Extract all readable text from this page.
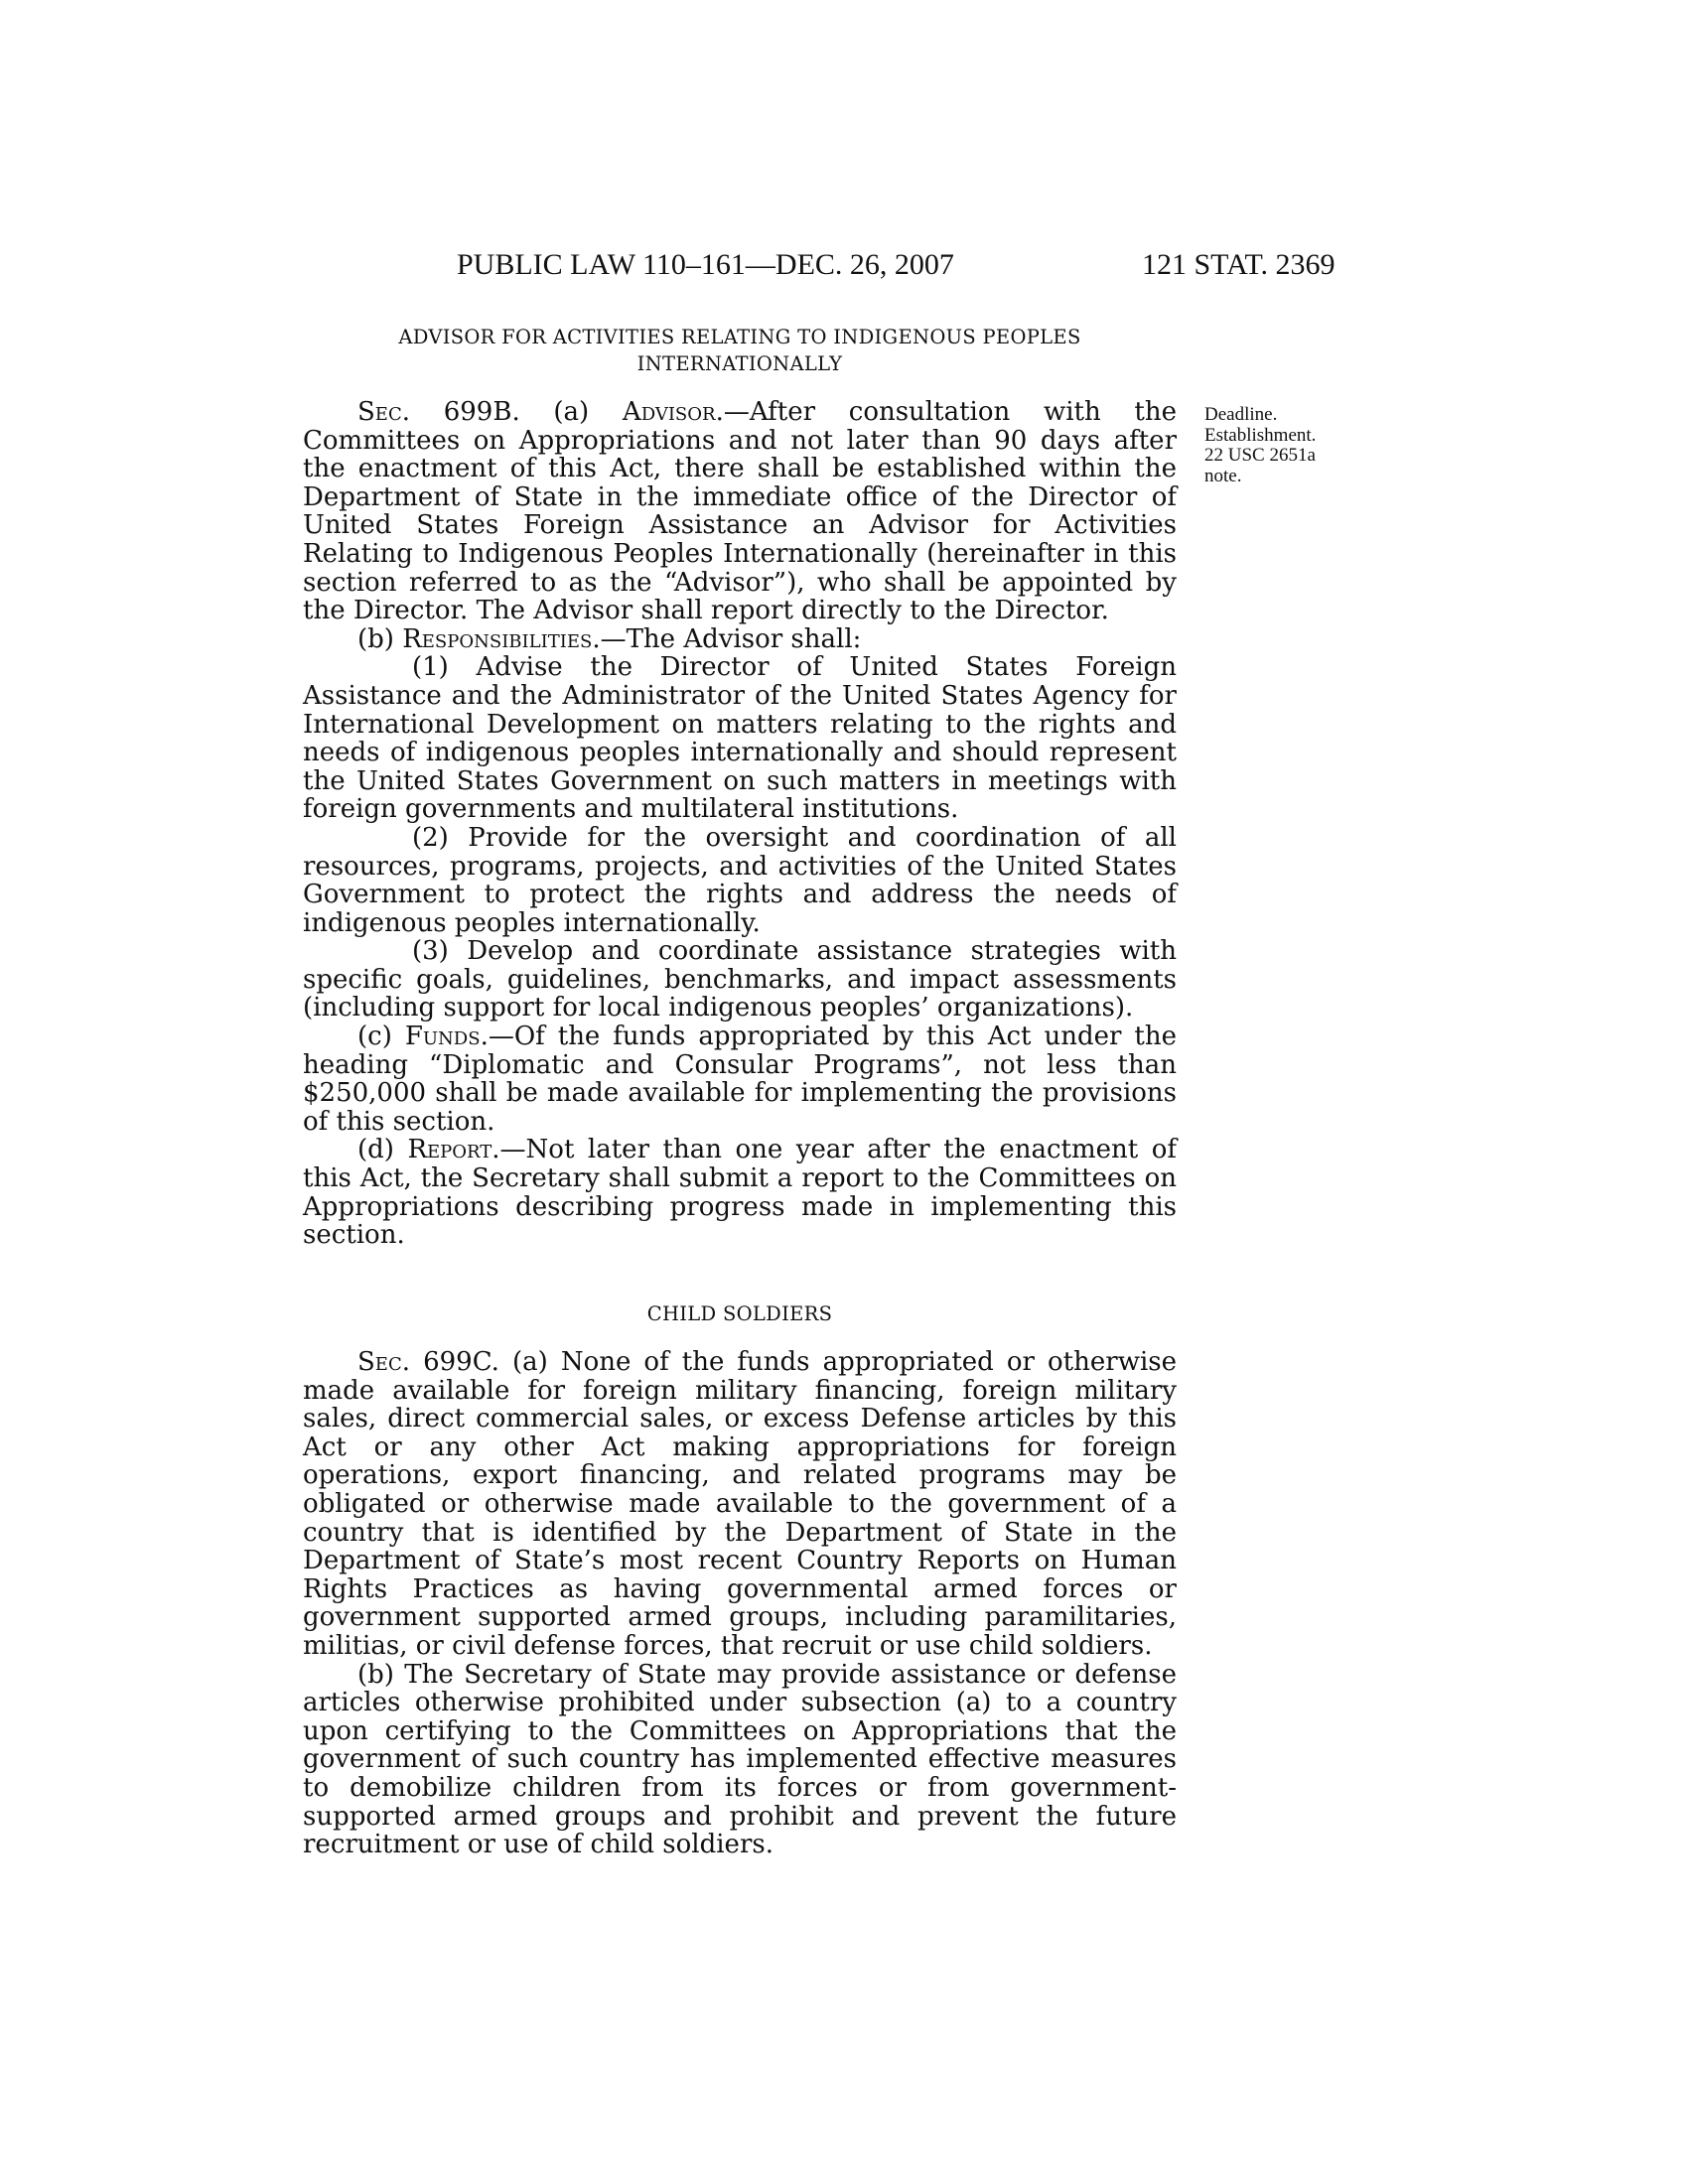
PUBLIC LAW 110–161—DEC. 26, 2007	121 STAT. 2369
ADVISOR FOR ACTIVITIES RELATING TO INDIGENOUS PEOPLES
INTERNATIONALLY
Deadline.
Establishment.
22 USC 2651a
note.

Sec. 699B. (a) Advisor.—After consultation with the Committees on Appropriations and not later than 90 days after the enactment of this Act, there shall be established within the Department of State in the immediate office of the Director of United States Foreign Assistance an Advisor for Activities Relating to Indigenous Peoples Internationally (hereinafter in this section referred to as the “Advisor”), who shall be appointed by the Director. The Advisor shall report directly to the Director.

(b) Responsibilities.—The Advisor shall:

(1) Advise the Director of United States Foreign Assistance and the Administrator of the United States Agency for International Development on matters relating to the rights and needs of indigenous peoples internationally and should represent the United States Government on such matters in meetings with foreign governments and multilateral institutions.

(2) Provide for the oversight and coordination of all resources, programs, projects, and activities of the United States Government to protect the rights and address the needs of indigenous peoples internationally.

(3) Develop and coordinate assistance strategies with specific goals, guidelines, benchmarks, and impact assessments (including support for local indigenous peoples’ organizations).

(c) Funds.—Of the funds appropriated by this Act under the heading “Diplomatic and Consular Programs”, not less than $250,000 shall be made available for implementing the provisions of this section.

(d) Report.—Not later than one year after the enactment of this Act, the Secretary shall submit a report to the Committees on Appropriations describing progress made in implementing this section.

CHILD SOLDIERS

Sec. 699C. (a) None of the funds appropriated or otherwise made available for foreign military financing, foreign military sales, direct commercial sales, or excess Defense articles by this Act or any other Act making appropriations for foreign operations, export financing, and related programs may be obligated or otherwise made available to the government of a country that is identified by the Department of State in the Department of State’s most recent Country Reports on Human Rights Practices as having governmental armed forces or government supported armed groups, including paramilitaries, militias, or civil defense forces, that recruit or use child soldiers.

(b) The Secretary of State may provide assistance or defense articles otherwise prohibited under subsection (a) to a country upon certifying to the Committees on Appropriations that the government of such country has implemented effective measures to demobilize children from its forces or from government-supported armed groups and prohibit and prevent the future recruitment or use of child soldiers.
